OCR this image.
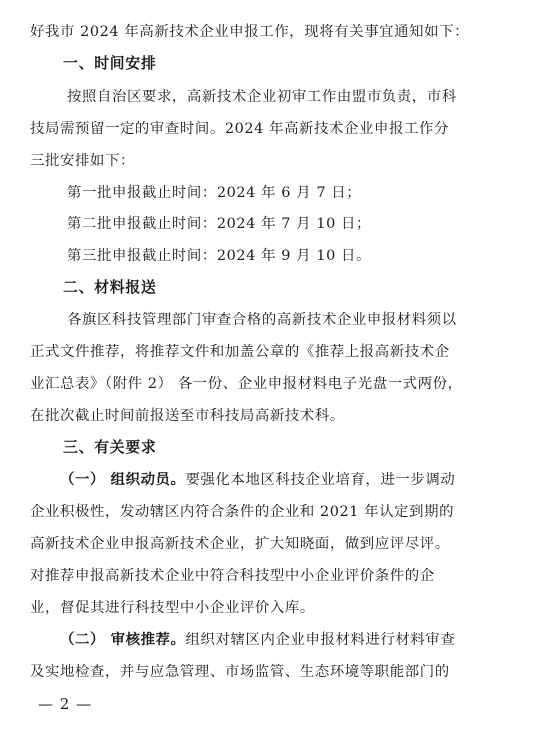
好我市 2024 年高新技术企业申报工作，现将有关事宜通知如下：
一、时间安排
按照自治区要求，高新技术企业初审工作由盟市负责，市科
技局需预留一定的审查时间。2024 年高新技术企业申报工作分
三批安排如下：
第一批申报截止时间：2024 年 6 月 7 日；
第二批申报截止时间：2024 年 7 月 10 日；
第三批申报截止时间：2024 年 9 月 10 日。
二、材料报送
各旗区科技管理部门审查合格的高新技术企业申报材料须以
正式文件推荐，将推荐文件和加盖公章的《推荐上报高新技术企
业汇总表》（附件 2） 各一份、企业申报材料电子光盘一式两份，
在批次截止时间前报送至市科技局高新技术科。
三、有关要求
（一） 组织动员。要强化本地区科技企业培育，进一步调动
企业积极性，发动辖区内符合条件的企业和 2021 年认定到期的
高新技术企业申报高新技术企业，扩大知晓面，做到应评尽评。
对推荐申报高新技术企业中符合科技型中小企业评价条件的企
业，督促其进行科技型中小企业评价入库。
（二） 审核推荐。组织对辖区内企业申报材料进行材料审查
及实地检查，并与应急管理、市场监管、生态环境等职能部门的
— 2 —
